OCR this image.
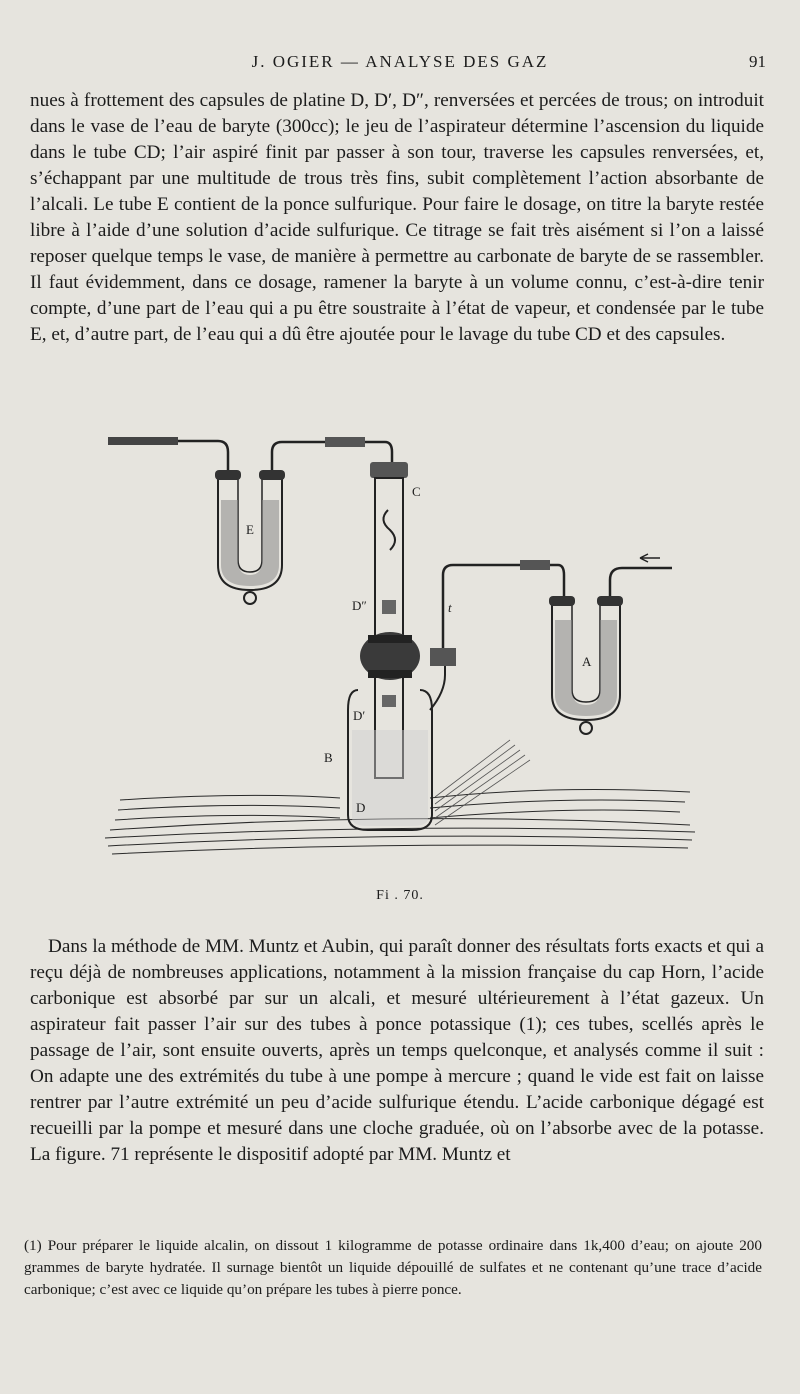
J. OGIER — ANALYSE DES GAZ	91

nues à frottement des capsules de platine D, D′, D″, renversées et percées de trous; on introduit dans le vase de l’eau de baryte (300cc); le jeu de l’aspirateur détermine l’ascension du liquide dans le tube CD; l’air aspiré finit par passer à son tour, traverse les capsules renversées, et, s’échappant par une multitude de trous très fins, subit complètement l’action absorbante de l’alcali. Le tube E contient de la ponce sulfurique. Pour faire le dosage, on titre la baryte restée libre à l’aide d’une solution d’acide sulfurique. Ce titrage se fait très aisément si l’on a laissé reposer quelque temps le vase, de manière à permettre au carbonate de baryte de se rassembler. Il faut évidemment, dans ce dosage, ramener la baryte à un volume connu, c’est-à-dire tenir compte, d’une part de l’eau qui a pu être soustraite à l’état de vapeur, et condensée par le tube E, et, d’autre part, de l’eau qui a dû être ajoutée pour le lavage du tube CD et des capsules.

E
C
D″	t
A
D′
B
D
Fi . 70.

Dans la méthode de MM. Muntz et Aubin, qui paraît donner des résultats forts exacts et qui a reçu déjà de nombreuses applications, notamment à la mission française du cap Horn, l’acide carbonique est absorbé par sur un alcali, et mesuré ultérieurement à l’état gazeux. Un aspirateur fait passer l’air sur des tubes à ponce potassique (1); ces tubes, scellés après le passage de l’air, sont ensuite ouverts, après un temps quelconque, et analysés comme il suit : On adapte une des extrémités du tube à une pompe à mercure ; quand le vide est fait on laisse rentrer par l’autre extrémité un peu d’acide sulfurique étendu. L’acide carbonique dégagé est recueilli par la pompe et mesuré dans une cloche graduée, où on l’absorbe avec de la potasse. La figure. 71 représente le dispositif adopté par MM. Muntz et

(1) Pour préparer le liquide alcalin, on dissout 1 kilogramme de potasse ordinaire dans 1k,400 d’eau; on ajoute 200 grammes de baryte hydratée. Il surnage bientôt un liquide dépouillé de sulfates et ne contenant qu’une trace d’acide carbonique; c’est avec ce liquide qu’on prépare les tubes à pierre ponce.
